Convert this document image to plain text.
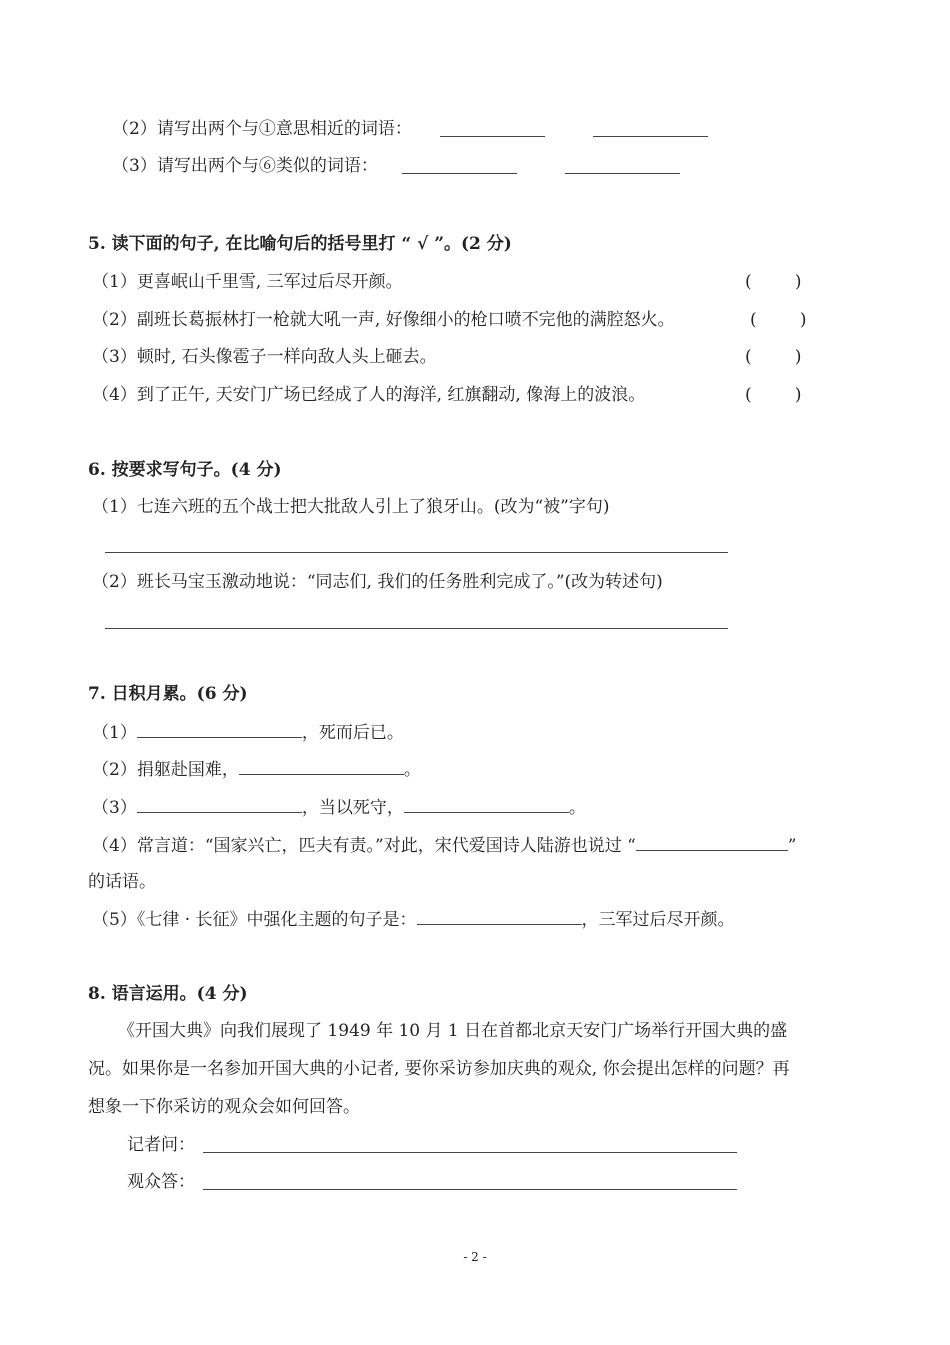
（2）请写出两个与①意思相近的词语：
（3）请写出两个与⑥类似的词语：
5. 读下面的句子, 在比喻句后的括号里打 “ √ ”。(2 分)
（1）更喜岷山千里雪, 三军过后尽开颜。	(        )
（2）副班长葛振林打一枪就大吼一声, 好像细小的枪口喷不完他的满腔怒火。	(        )
（3）顿时, 石头像雹子一样向敌人头上砸去。	(        )
（4）到了正午, 天安门广场已经成了人的海洋, 红旗翻动, 像海上的波浪。	(        )
6. 按要求写句子。(4 分)
（1）七连六班的五个战士把大批敌人引上了狼牙山。(改为“被”字句)
（2）班长马宝玉激动地说：“同志们, 我们的任务胜利完成了。”(改为转述句)
7. 日积月累。(6 分)
（1）	，死而后已。
（2）捐躯赴国难，	。
（3）	，当以死守，	。
（4）常言道：“国家兴亡，匹夫有责。”对此，宋代爱国诗人陆游也说过 “	”
的话语。
（5）《七律 · 长征》中强化主题的句子是：	，三军过后尽开颜。
8. 语言运用。(4 分)
《开国大典》向我们展现了 1949 年 10 月 1 日在首都北京天安门广场举行开国大典的盛
况。如果你是一名参加开国大典的小记者, 要你采访参加庆典的观众, 你会提出怎样的问题？再
想象一下你采访的观众会如何回答。
记者问：
观众答：
- 2 -
